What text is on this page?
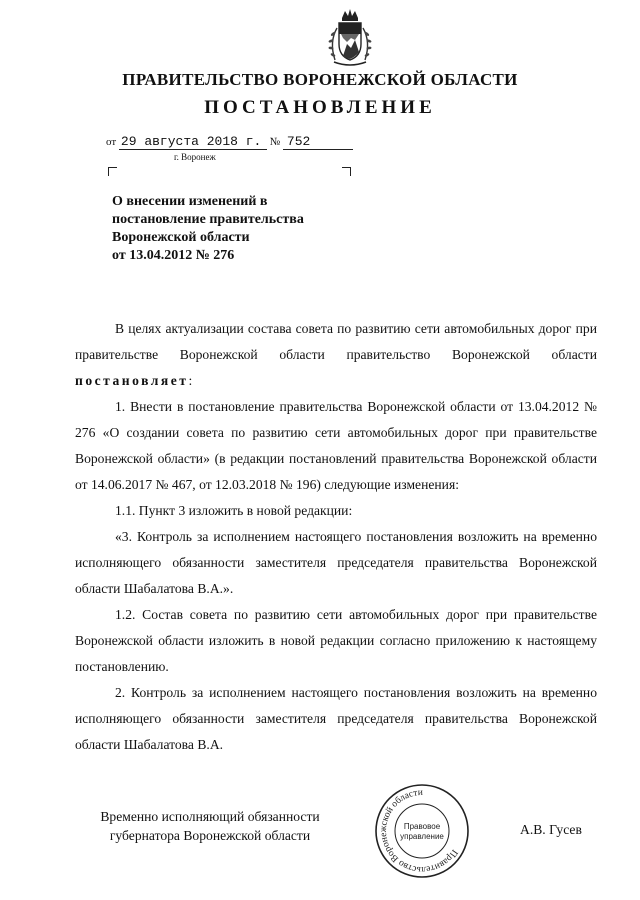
ПРАВИТЕЛЬСТВО ВОРОНЕЖСКОЙ ОБЛАСТИ
ПОСТАНОВЛЕНИЕ
от 29 августа 2018 г. № 752
г. Воронеж
О внесении изменений в
постановление правительства
Воронежской области
от 13.04.2012 № 276

В целях актуализации состава совета по развитию сети автомобильных дорог при правительстве Воронежской области правительство Воронежской области постановляет:

1. Внести в постановление правительства Воронежской области от 13.04.2012 № 276 «О создании совета по развитию сети автомобильных дорог при правительстве Воронежской области» (в редакции постановлений правительства Воронежской области от 14.06.2017 № 467, от 12.03.2018 № 196) следующие изменения:

1.1. Пункт 3 изложить в новой редакции:

«3. Контроль за исполнением настоящего постановления возложить на временно исполняющего обязанности заместителя председателя правительства Воронежской области Шабалатова В.А.».

1.2. Состав совета по развитию сети автомобильных дорог при правительстве Воронежской области изложить в новой редакции согласно приложению к настоящему постановлению.

2. Контроль за исполнением настоящего постановления возложить на временно исполняющего обязанности заместителя председателя правительства Воронежской области Шабалатова В.А.

Временно исполняющий обязанности
губернатора Воронежской области
Правительство Воронежской области
Правовое
управление	А.В. Гусев
